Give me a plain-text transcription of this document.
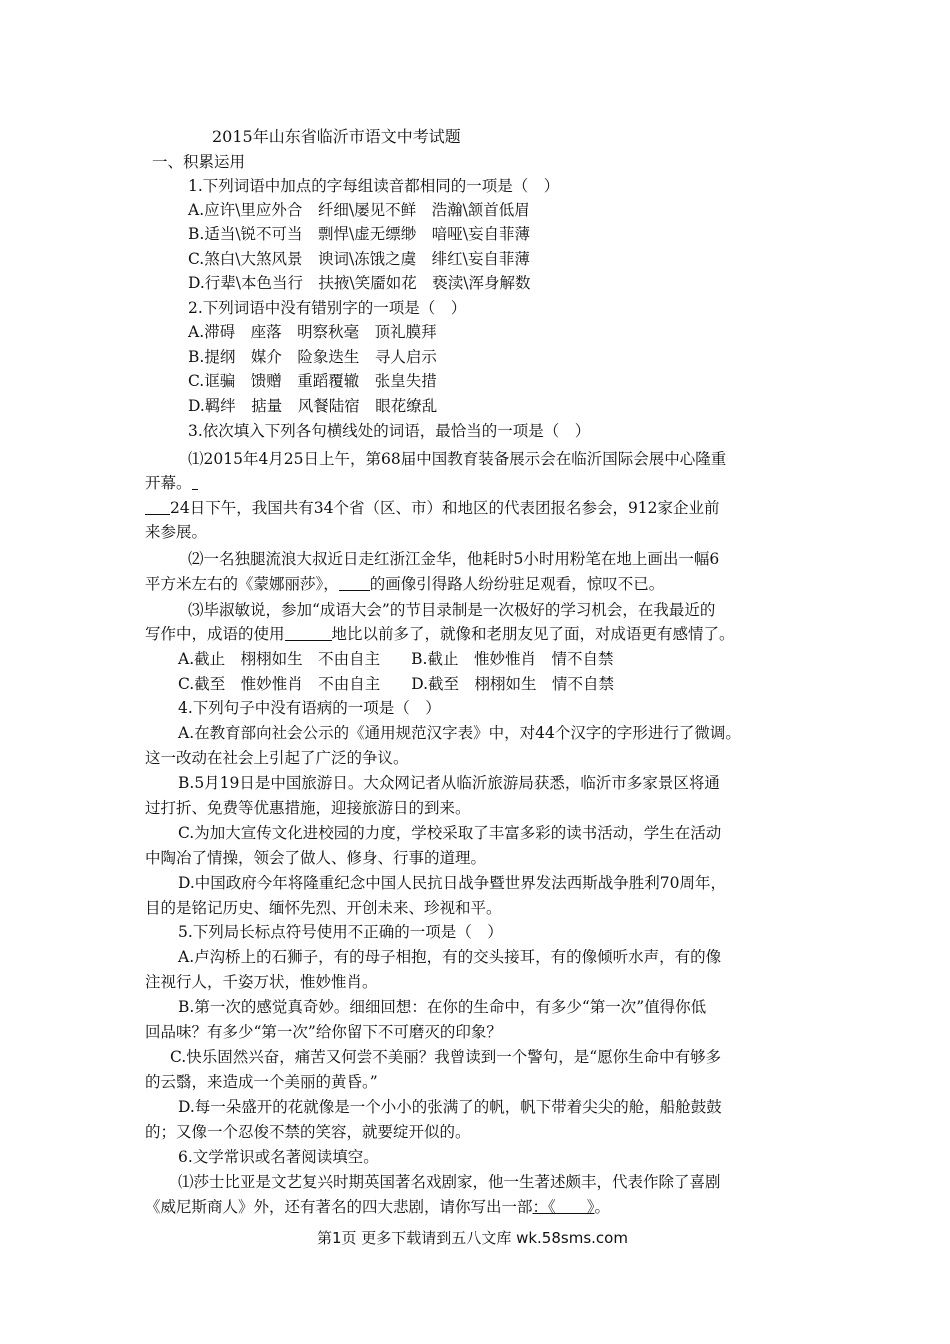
2015年山东省临沂市语文中考试题
一、积累运用
1.下列词语中加点的字每组读音都相同的一项是（　）
A.应许\里应外合　纤细\屡见不鲜　浩瀚\颔首低眉
B.适当\锐不可当　剽悍\虚无缥缈　喑哑\妄自菲薄
C.煞白\大煞风景　谀词\冻饿之虞　绯红\妄自菲薄
D.行辈\本色当行　扶掖\笑靥如花　亵渎\浑身解数
2.下列词语中没有错别字的一项是（　）
A.滞碍　座落　明察秋毫　顶礼膜拜
B.提纲　媒介　险象迭生　寻人启示
C.诓骗　馈赠　重蹈覆辙　张皇失措
D.羁绊　掂量　风餐陆宿　眼花缭乱
3.依次填入下列各句横线处的词语，最恰当的一项是（　）
⑴2015年4月25日上午，第68届中国教育装备展示会在临沂国际会展中心隆重
开幕。
24日下午，我国共有34个省（区、市）和地区的代表团报名参会，912家企业前
来参展。
⑵一名独腿流浪大叔近日走红浙江金华，他耗时5小时用粉笔在地上画出一幅6
平方米左右的《蒙娜丽莎》， 的画像引得路人纷纷驻足观看，惊叹不已。
⑶毕淑敏说，参加“成语大会”的节目录制是一次极好的学习机会，在我最近的
写作中，成语的使用	地比以前多了，就像和老朋友见了面，对成语更有感情了。
A.截止　栩栩如生　不由自主　　B.截止　惟妙惟肖　情不自禁
C.截至　惟妙惟肖　不由自主　　D.截至　栩栩如生　情不自禁
4.下列句子中没有语病的一项是（　）
A.在教育部向社会公示的《通用规范汉字表》中，对44个汉字的字形进行了微调。
这一改动在社会上引起了广泛的争议。
B.5月19日是中国旅游日。大众网记者从临沂旅游局获悉，临沂市多家景区将通
过打折、免费等优惠措施，迎接旅游日的到来。
C.为加大宣传文化进校园的力度，学校采取了丰富多彩的读书活动，学生在活动
中陶冶了情操，领会了做人、修身、行事的道理。
D.中国政府今年将隆重纪念中国人民抗日战争暨世界发法西斯战争胜利70周年，
目的是铭记历史、缅怀先烈、开创未来、珍视和平。
5.下列局长标点符号使用不正确的一项是（　）
A.卢沟桥上的石狮子，有的母子相抱，有的交头接耳，有的像倾听水声，有的像
注视行人，千姿万状，惟妙惟肖。
B.第一次的感觉真奇妙。细细回想：在你的生命中，有多少“第一次”值得你低
回品味？有多少“第一次”给你留下不可磨灭的印象？
C.快乐固然兴奋，痛苦又何尝不美丽？我曾读到一个警句，是“愿你生命中有够多
的云翳，来造成一个美丽的黄昏。”
D.每一朵盛开的花就像是一个小小的张满了的帆，帆下带着尖尖的舱，船舱鼓鼓
的；又像一个忍俊不禁的笑容，就要绽开似的。
6.文学常识或名著阅读填空。
⑴莎士比亚是文艺复兴时期英国著名戏剧家，他一生著述颇丰，代表作除了喜剧
《威尼斯商人》外，还有著名的四大悲剧，请你写出一部：《　　》。
第1页 更多下载请到五八文库 wk.58sms.com
